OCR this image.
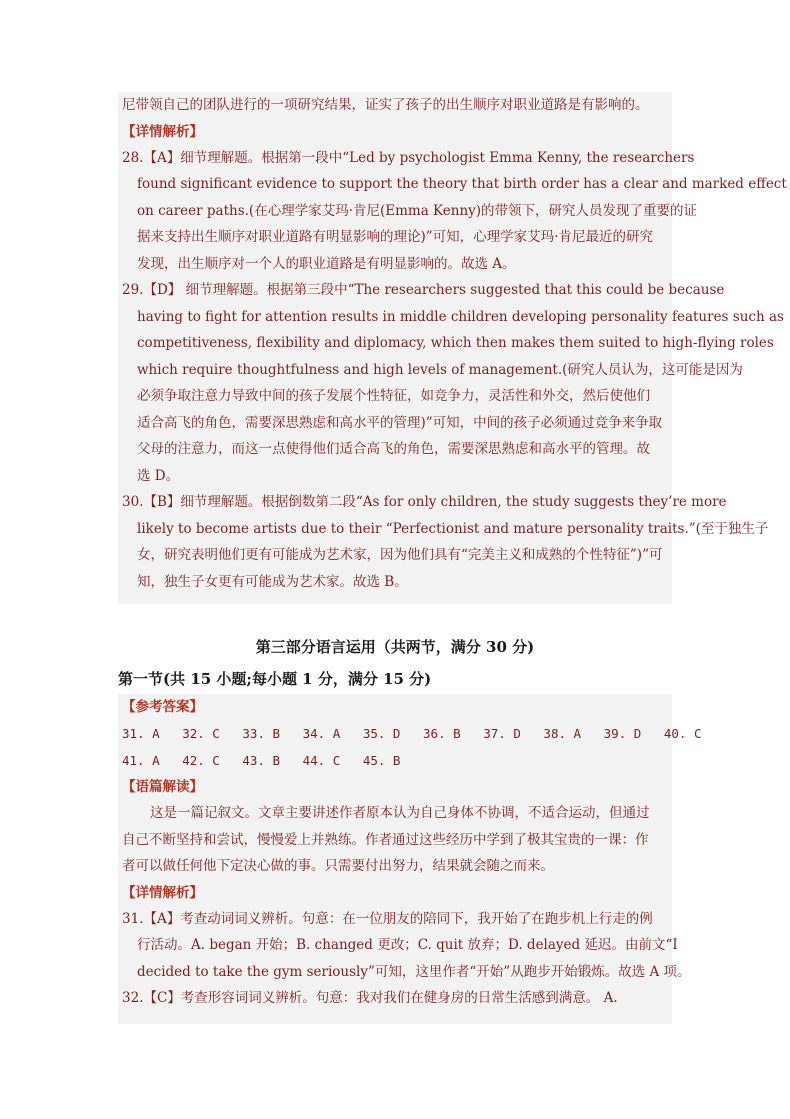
尼带领自己的团队进行的一项研究结果，证实了孩子的出生顺序对职业道路是有影响的。
【详情解析】
28.【A】细节理解题。根据第一段中“Led by psychologist Emma Kenny, the researchers
found significant evidence to support the theory that birth order has a clear and marked effect
on career paths.(在心理学家艾玛·肯尼(Emma Kenny)的带领下，研究人员发现了重要的证
据来支持出生顺序对职业道路有明显影响的理论)”可知，心理学家艾玛·肯尼最近的研究
发现，出生顺序对一个人的职业道路是有明显影响的。故选 A。
29.【D】 细节理解题。根据第三段中“The researchers suggested that this could be because
having to fight for attention results in middle children developing personality features such as
competitiveness, flexibility and diplomacy, which then makes them suited to high-flying roles
which require thoughtfulness and high levels of management.(研究人员认为，这可能是因为
必须争取注意力导致中间的孩子发展个性特征，如竞争力，灵活性和外交，然后使他们
适合高飞的角色，需要深思熟虑和高水平的管理)”可知，中间的孩子必须通过竞争来争取
父母的注意力，而这一点使得他们适合高飞的角色，需要深思熟虑和高水平的管理。故
选 D。
30.【B】细节理解题。根据倒数第二段“As for only children, the study suggests they’re more
likely to become artists due to their “Perfectionist and mature personality traits.”(至于独生子
女，研究表明他们更有可能成为艺术家，因为他们具有“完美主义和成熟的个性特征”)”可
知，独生子女更有可能成为艺术家。故选 B。
第三部分语言运用（共两节，满分 30 分)
第一节(共 15 小题;每小题 1 分，满分 15 分)
【参考答案】
31. A   32. C   33. B   34. A   35. D   36. B   37. D   38. A   39. D   40. C
41. A   42. C   43. B   44. C   45. B
【语篇解读】
这是一篇记叙文。文章主要讲述作者原本认为自己身体不协调，不适合运动，但通过
自己不断坚持和尝试，慢慢爱上并熟练。作者通过这些经历中学到了极其宝贵的一课：作
者可以做任何他下定决心做的事。只需要付出努力，结果就会随之而来。
【详情解析】
31.【A】考查动词词义辨析。句意：在一位朋友的陪同下，我开始了在跑步机上行走的例
行活动。A. began 开始；B. changed 更改；C. quit 放弃；D. delayed 延迟。由前文“I
decided to take the gym seriously”可知，这里作者“开始”从跑步开始锻炼。故选 A 项。
32.【C】考查形容词词义辨析。句意：我对我们在健身房的日常生活感到满意。 A.
